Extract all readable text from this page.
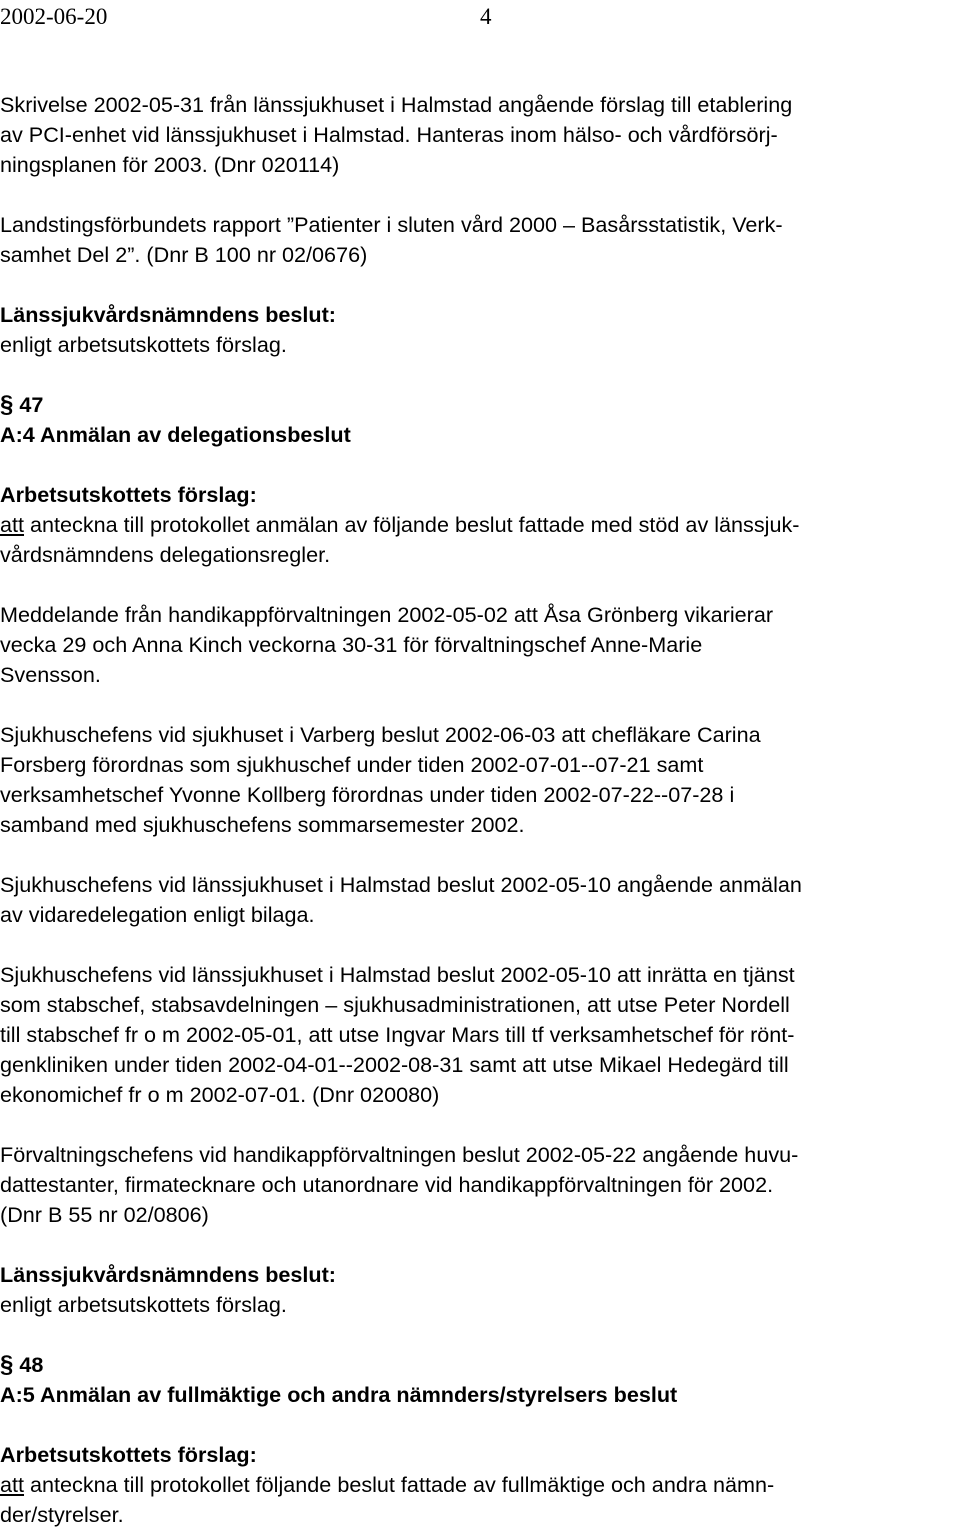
2002-06-20	4

Skrivelse 2002-05-31 från länssjukhuset i Halmstad angående förslag till etablering
av PCI-enhet vid länssjukhuset i Halmstad. Hanteras inom hälso- och vårdförsörj-
ningsplanen för 2003. (Dnr 020114)

Landstingsförbundets rapport ”Patienter i sluten vård 2000 – Basårsstatistik, Verk-
samhet Del 2”. (Dnr B 100 nr 02/0676)

Länssjukvårdsnämndens beslut:
enligt arbetsutskottets förslag.

§ 47
A:4 Anmälan av delegationsbeslut

Arbetsutskottets förslag:
att anteckna till protokollet anmälan av följande beslut fattade med stöd av länssjuk-
vårdsnämndens delegationsregler.

Meddelande från handikappförvaltningen 2002-05-02 att Åsa Grönberg vikarierar
vecka 29 och Anna Kinch veckorna 30-31 för förvaltningschef Anne-Marie
Svensson.

Sjukhuschefens vid sjukhuset i Varberg beslut 2002-06-03 att chefläkare Carina
Forsberg förordnas som sjukhuschef under tiden 2002-07-01--07-21 samt
verksamhetschef Yvonne Kollberg förordnas under tiden 2002-07-22--07-28 i
samband med sjukhuschefens sommarsemester 2002.

Sjukhuschefens vid länssjukhuset i Halmstad beslut 2002-05-10 angående anmälan
av vidaredelegation enligt bilaga.

Sjukhuschefens vid länssjukhuset i Halmstad beslut 2002-05-10 att inrätta en tjänst
som stabschef, stabsavdelningen – sjukhusadministrationen, att utse Peter Nordell
till stabschef fr o m 2002-05-01, att utse Ingvar Mars till tf verksamhetschef för rönt-
genkliniken under tiden 2002-04-01--2002-08-31 samt att utse Mikael Hedegärd till
ekonomichef fr o m 2002-07-01. (Dnr 020080)

Förvaltningschefens vid handikappförvaltningen beslut 2002-05-22 angående huvu-
dattestanter, firmatecknare och utanordnare vid handikappförvaltningen för 2002.
(Dnr B 55 nr 02/0806)

Länssjukvårdsnämndens beslut:
enligt arbetsutskottets förslag.

§ 48
A:5 Anmälan av fullmäktige och andra nämnders/styrelsers beslut

Arbetsutskottets förslag:
att anteckna till protokollet följande beslut fattade av fullmäktige och andra nämn-
der/styrelser.
